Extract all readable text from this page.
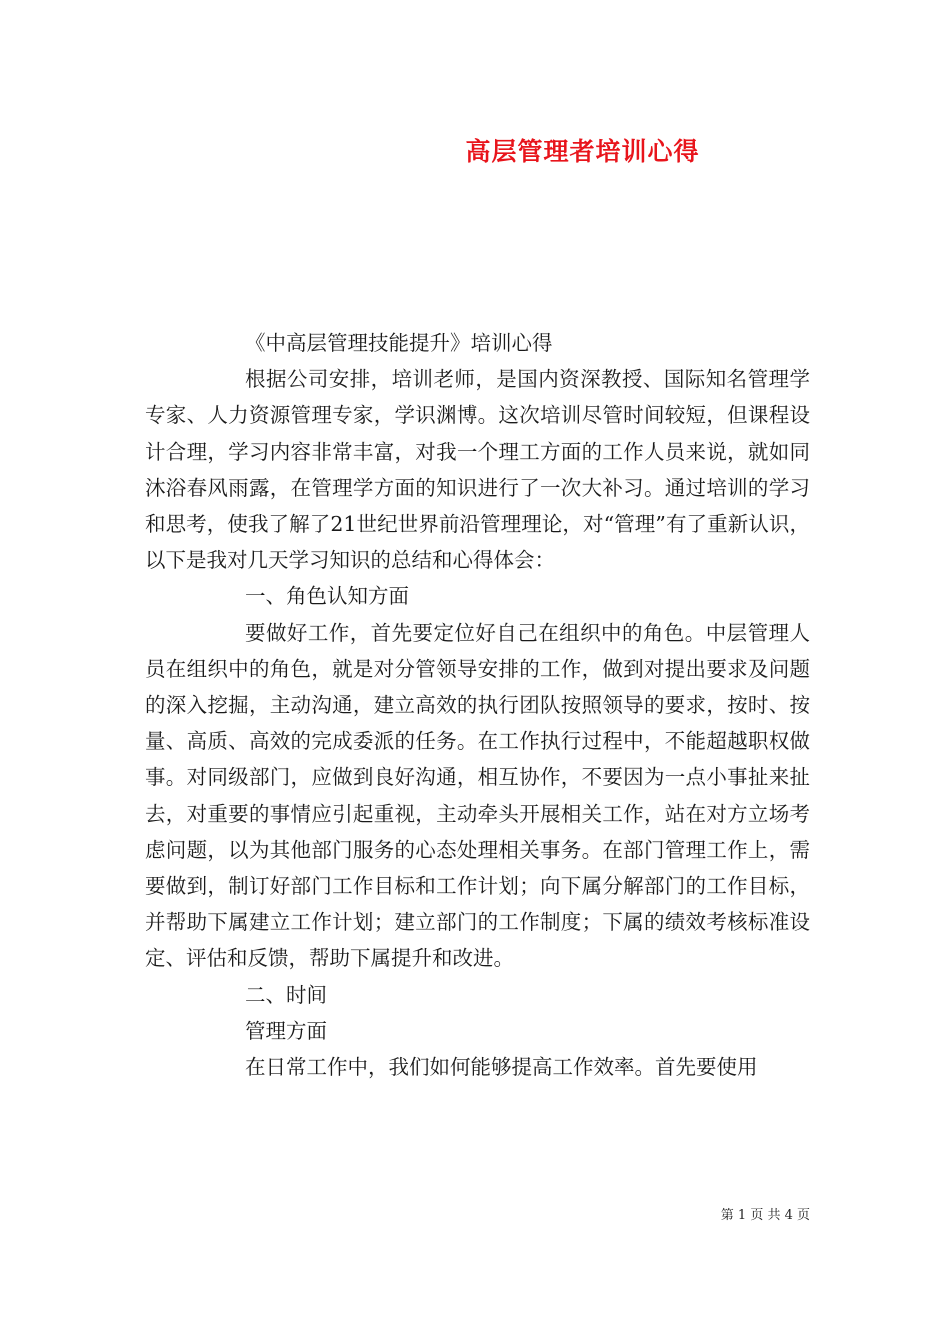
高层管理者培训心得

《中高层管理技能提升》培训心得

根据公司安排，培训老师，是国内资深教授、国际知名管理学专家、人力资源管理专家，学识渊博。这次培训尽管时间较短，但课程设计合理，学习内容非常丰富，对我一个理工方面的工作人员来说，就如同沐浴春风雨露，在管理学方面的知识进行了一次大补习。通过培训的学习和思考，使我了解了21世纪世界前沿管理理论，对“管理”有了重新认识，以下是我对几天学习知识的总结和心得体会：

一、角色认知方面

要做好工作，首先要定位好自己在组织中的角色。中层管理人员在组织中的角色，就是对分管领导安排的工作，做到对提出要求及问题的深入挖掘，主动沟通，建立高效的执行团队按照领导的要求，按时、按量、高质、高效的完成委派的任务。在工作执行过程中，不能超越职权做事。对同级部门，应做到良好沟通，相互协作，不要因为一点小事扯来扯去，对重要的事情应引起重视，主动牵头开展相关工作，站在对方立场考虑问题，以为其他部门服务的心态处理相关事务。在部门管理工作上，需要做到，制订好部门工作目标和工作计划；向下属分解部门的工作目标，并帮助下属建立工作计划；建立部门的工作制度；下属的绩效考核标准设定、评估和反馈，帮助下属提升和改进。

二、时间

管理方面

在日常工作中，我们如何能够提高工作效率。首先要使用

第 1 页 共 4 页
